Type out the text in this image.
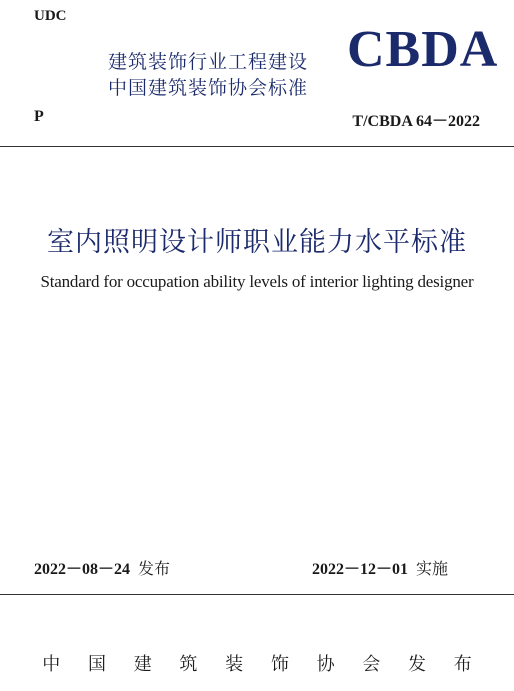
UDC
建筑装饰行业工程建设
中国建筑装饰协会标准
CBDA
P	T/CBDA 64－2022
室内照明设计师职业能力水平标准
Standard for occupation ability levels of interior lighting designer
2022－08－24 发布	2022－12－01 实施
中 国 建 筑 装 饰 协 会 发 布
